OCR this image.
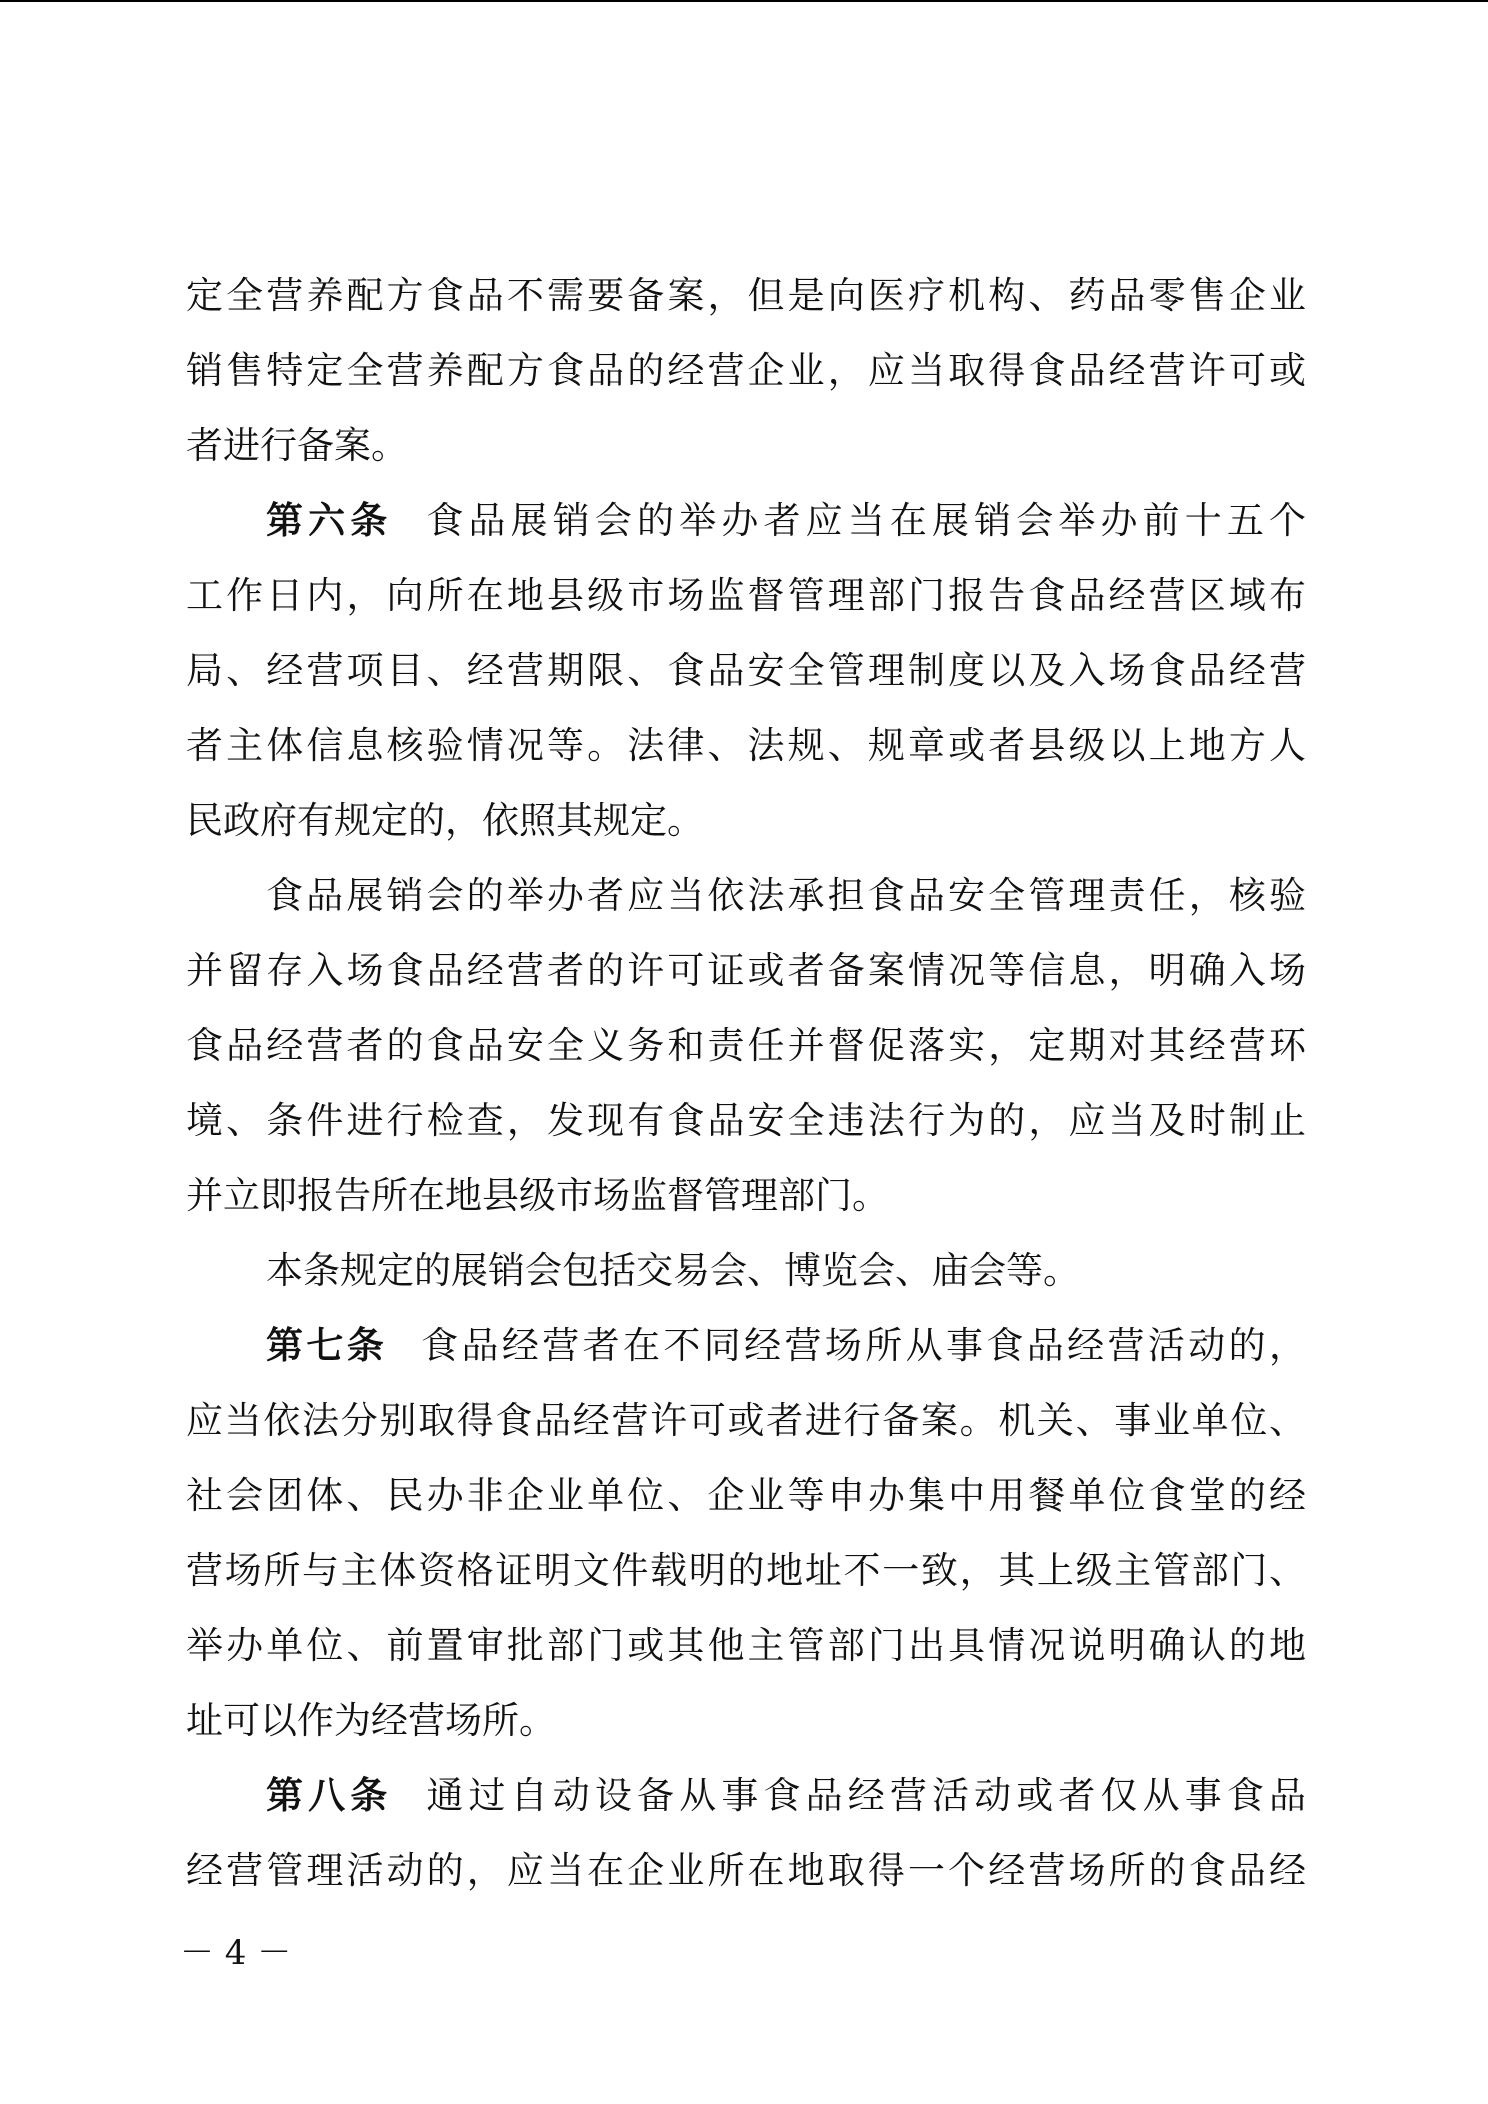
定全营养配方食品不需要备案，但是向医疗机构、药品零售企业
销售特定全营养配方食品的经营企业，应当取得食品经营许可或
者进行备案。
第六条 食品展销会的举办者应当在展销会举办前十五个
工作日内，向所在地县级市场监督管理部门报告食品经营区域布
局、经营项目、经营期限、食品安全管理制度以及入场食品经营
者主体信息核验情况等。法律、法规、规章或者县级以上地方人
民政府有规定的，依照其规定。
食品展销会的举办者应当依法承担食品安全管理责任，核验
并留存入场食品经营者的许可证或者备案情况等信息，明确入场
食品经营者的食品安全义务和责任并督促落实，定期对其经营环
境、条件进行检查，发现有食品安全违法行为的，应当及时制止
并立即报告所在地县级市场监督管理部门。
本条规定的展销会包括交易会、博览会、庙会等。
第七条 食品经营者在不同经营场所从事食品经营活动的，
应当依法分别取得食品经营许可或者进行备案。机关、事业单位、
社会团体、民办非企业单位、企业等申办集中用餐单位食堂的经
营场所与主体资格证明文件载明的地址不一致，其上级主管部门、
举办单位、前置审批部门或其他主管部门出具情况说明确认的地
址可以作为经营场所。
第八条 通过自动设备从事食品经营活动或者仅从事食品
经营管理活动的，应当在企业所在地取得一个经营场所的食品经
－ 4 －
